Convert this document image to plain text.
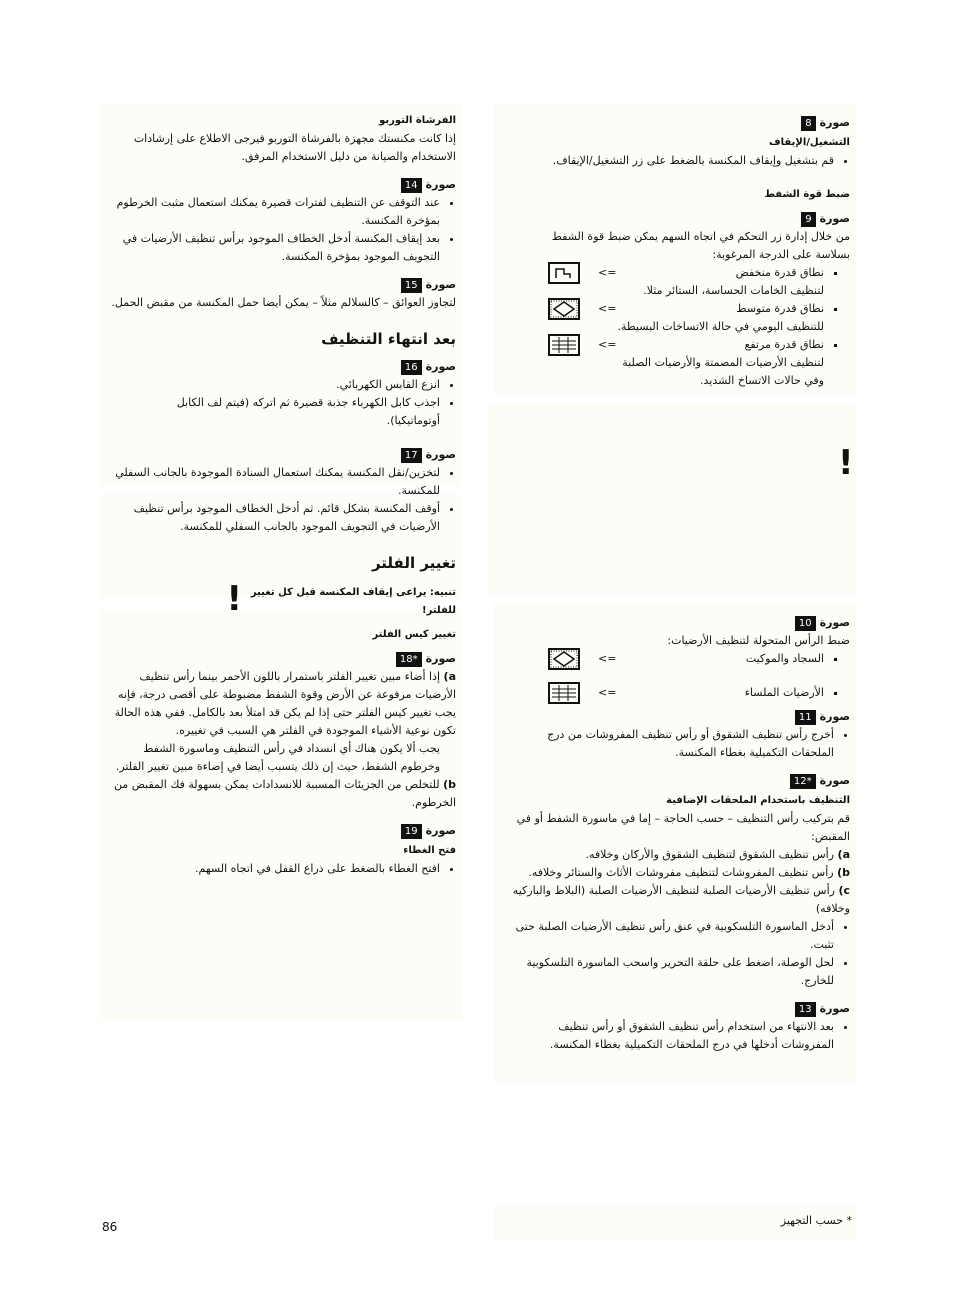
صورة
8
التشغيل/الإيقاف
• قم بتشغيل وإيقاف المكنسة بالضغط على زر التشغيل/الإيقاف.
ضبط قوة الشفط
صورة
9

من خلال إدارة زر التحكم في اتجاه السهم يمكن ضبط قوة الشفط بسلاسة على الدرجة المرغوبة:

▪ نطاق قدرة منخفض
<=
لتنظيف الخامات الحساسة، الستائر مثلا.
▪ نطاق قدرة متوسط
<=
للتنظيف اليومي في حالة الاتساخات البسيطة.
▪ نطاق قدرة مرتفع
<=
لتنظيف الأرضيات المصمتة والأرضيات الصلبة وفي حالات الاتساخ الشديد.
!
صورة
10

ضبط الرأس المتحولة لتنظيف الأرضيات:

▪ السجاد والموكيت
<=
▪ الأرضيات الملساء
<=
صورة
11
• أخرج رأس تنظيف الشقوق أو رأس تنظيف المفروشات من درج الملحقات التكميلية بغطاء المكنسة.
صورة
12*
التنظيف باستخدام الملحقات الإضافية

قم بتركيب رأس التنظيف – حسب الحاجة – إما في ماسورة الشفط أو في المقبض:

a) رأس تنظيف الشقوق لتنظيف الشقوق والأركان وخلافه.
b) رأس تنظيف المفروشات لتنظيف مفروشات الأثاث والستائر وخلافه.
c) رأس تنظيف الأرضيات الصلبة لتنظيف الأرضيات الصلبة (البلاط والباركيه وخلافه)
• أدخل الماسورة التلسكوبية في عنق رأس تنظيف الأرضيات الصلبة حتى تثبت.
• لحل الوصلة، اضغط على حلقة التحرير واسحب الماسورة التلسكوبية للخارج.
صورة
13
• بعد الانتهاء من استخدام رأس تنظيف الشقوق أو رأس تنظيف المفروشات أدخلها في درج الملحقات التكميلية بغطاء المكنسة.
الفرشاة التوربو

إذا كانت مكنستك مجهزة بالفرشاة التوربو فيرجى الاطلاع على إرشادات الاستخدام والصيانة من دليل الاستخدام المرفق.

صورة
14
• عند التوقف عن التنظيف لفترات قصيرة يمكنك استعمال مثبت الخرطوم بمؤخرة المكنسة.
• بعد إيقاف المكنسة أدخل الخطاف الموجود برأس تنظيف الأرضيات في التجويف الموجود بمؤخرة المكنسة.
صورة
15

لتجاوز العوائق – كالسلالم مثلاً – يمكن أيضا حمل المكنسة من مقبض الحمل.

بعد انتهاء التنظيف
صورة
16
• انزع القابس الكهربائي.
• اجذب كابل الكهرباء جذبة قصيرة ثم اتركه (فيتم لف الكابل أوتوماتيكيا).
صورة
17
• لتخزين/نقل المكنسة يمكنك استعمال السنادة الموجودة بالجانب السفلي للمكنسة.
• أوقف المكنسة بشكل قائم. ثم أدخل الخطاف الموجود برأس تنظيف الأرضيات في التجويف الموجود بالجانب السفلي للمكنسة.
تغيير الفلتر
تنبيه: يراعى إيقاف المكنسة قبل كل تغيير للفلتر!
!
تغيير كيس الفلتر
صورة
18*
a) إذا أضاء مبين تغيير الفلتر باستمرار باللون الأحمر بينما رأس تنظيف الأرضيات مرفوعة عن الأرض وقوة الشفط مضبوطة على أقصى درجة، فإنه يجب تغيير كيس الفلتر حتى إذا لم يكن قد امتلأ بعد بالكامل. ففي هذه الحالة تكون نوعية الأشياء الموجودة في الفلتر هي السبب في تغييره.

يجب ألا يكون هناك أي انسداد في رأس التنظيف وماسورة الشفط وخرطوم الشفط، حيث إن ذلك يتسبب أيضا في إضاءة مبين تغيير الفلتر.

b) للتخلص من الجزيئات المسببة للانسدادات يمكن بسهولة فك المقبض من الخرطوم.
صورة
19
فتح الغطاء
• افتح الغطاء بالضغط على ذراع القفل في اتجاه السهم.
* حسب التجهيز
86
